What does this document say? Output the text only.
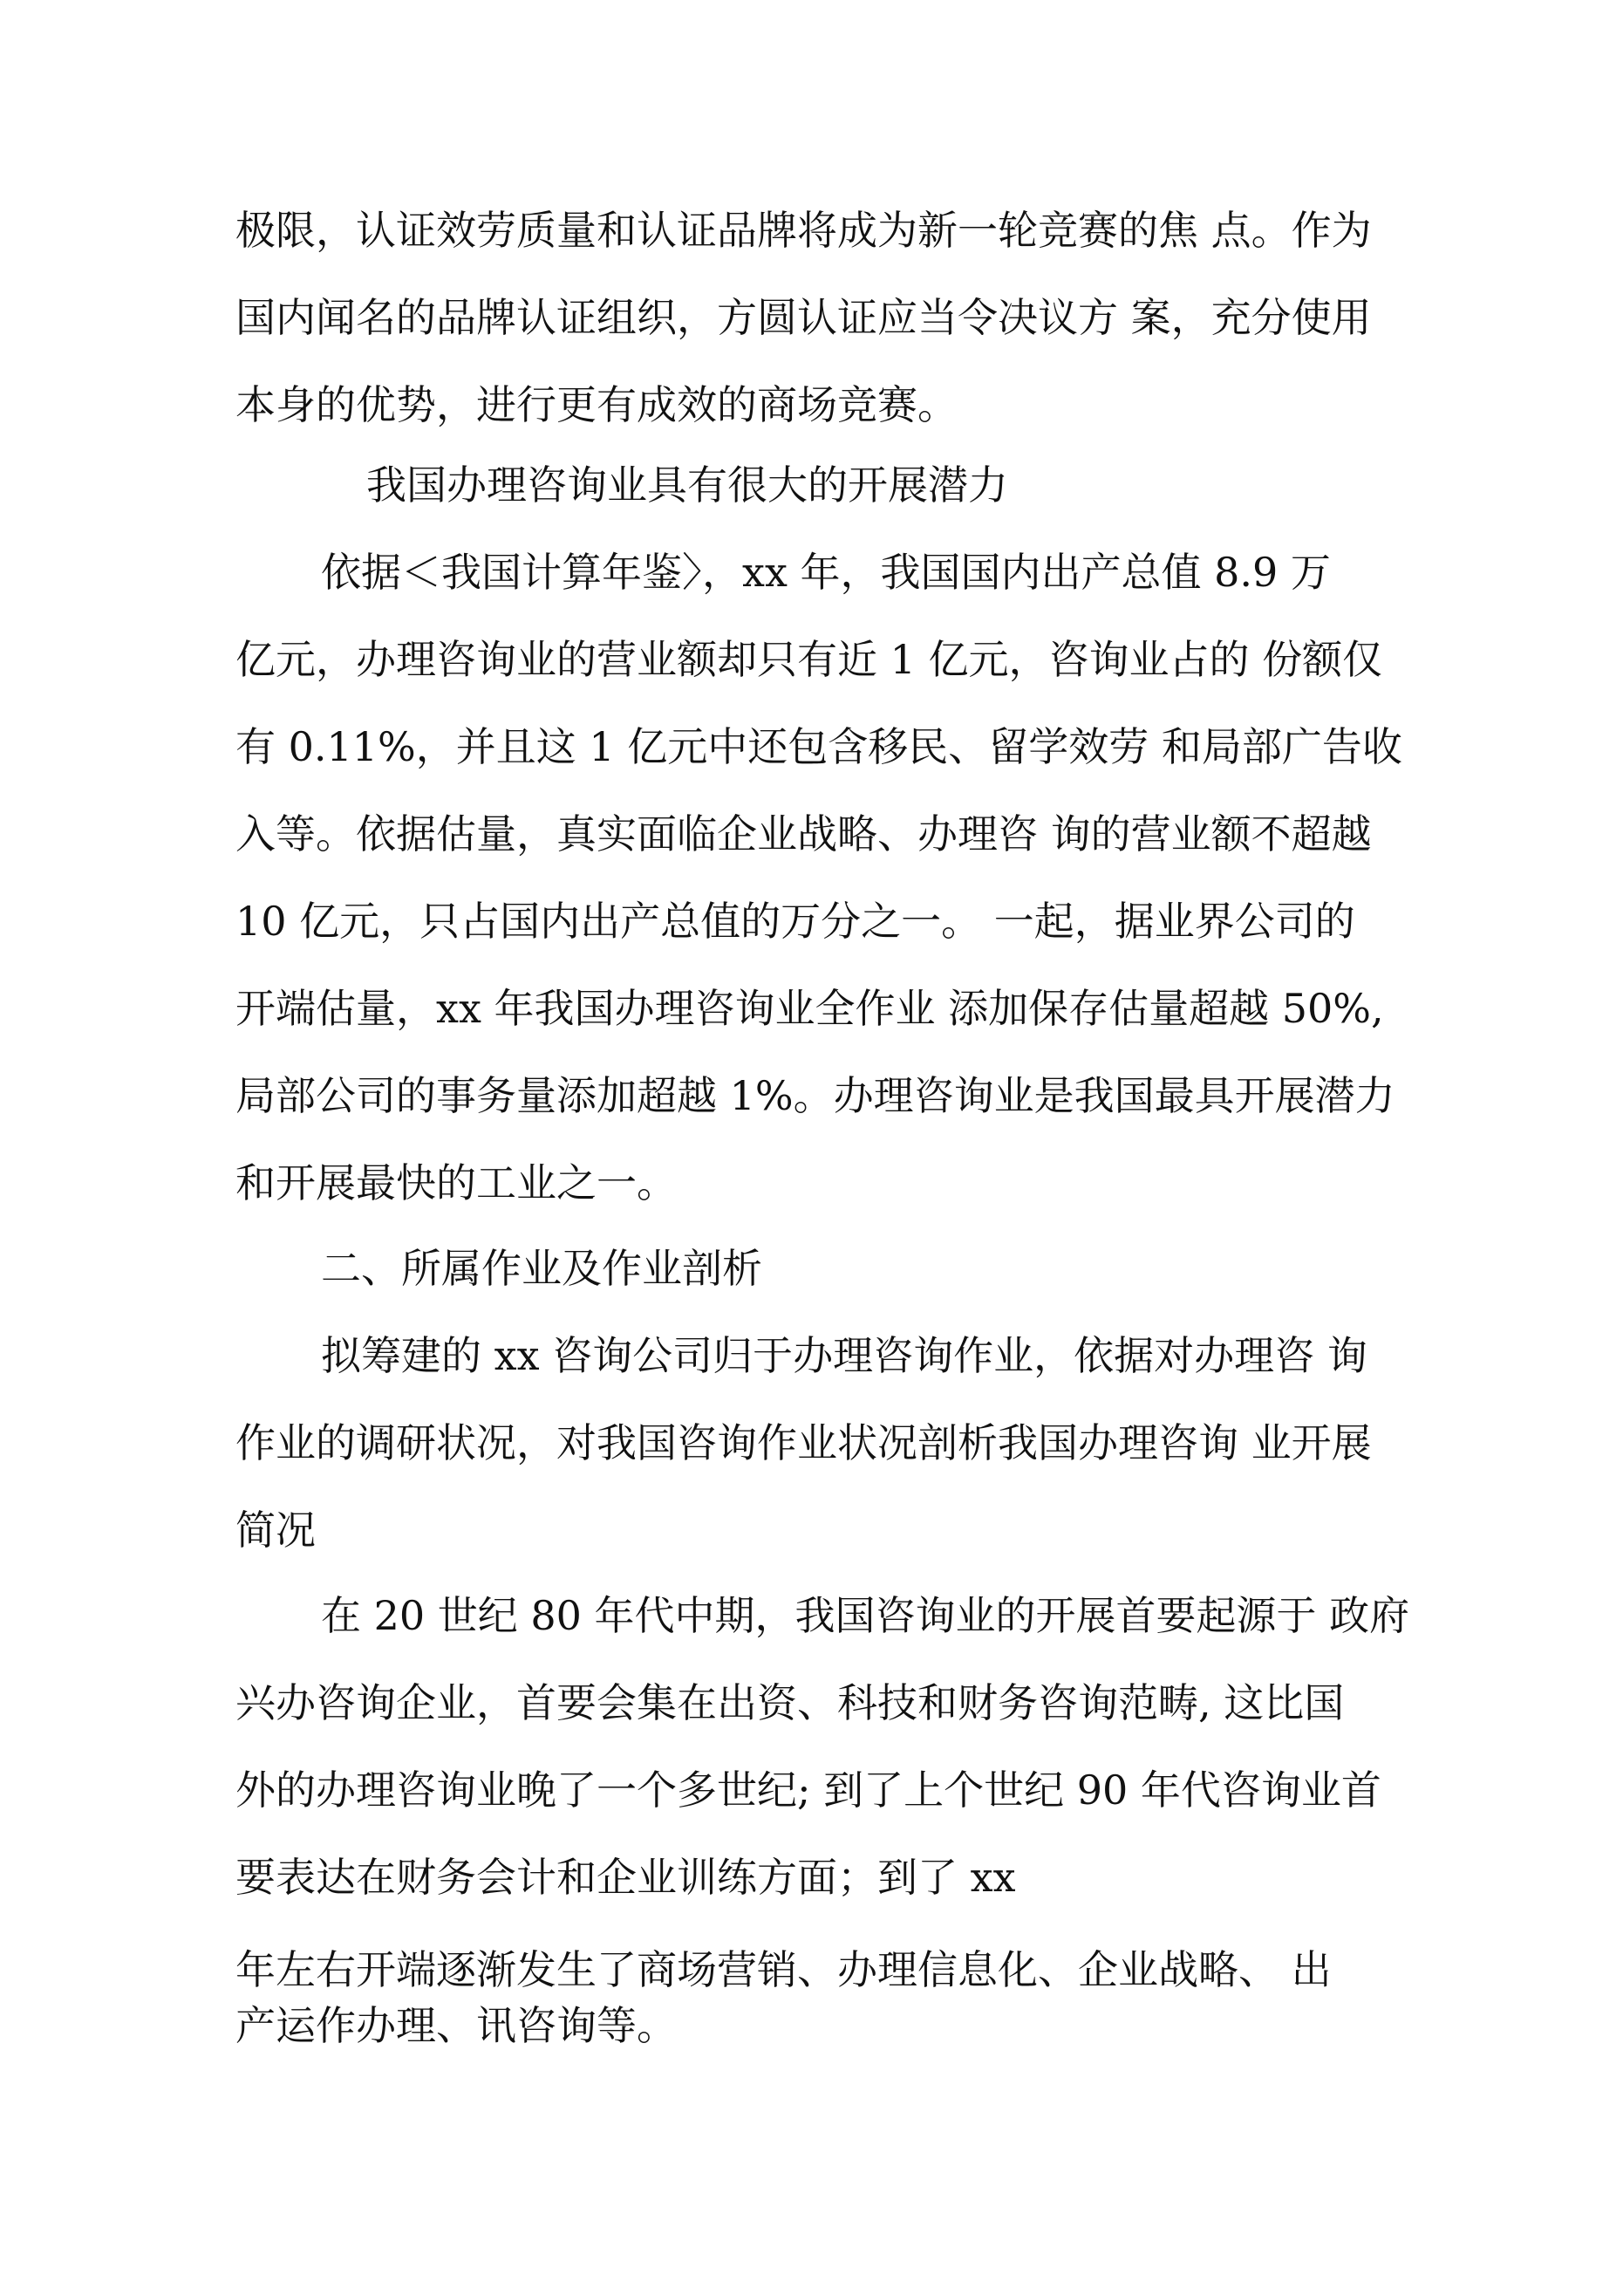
极限，认证效劳质量和认证品牌将成为新一轮竞赛的焦 点。作为
国内闻名的品牌认证组织，方圆认证应当令决议方 案，充分使用
本身的优势，进行更有成效的商场竞赛。
我国办理咨询业具有很大的开展潜力
依据＜我国计算年鉴〉，xx 年，我国国内出产总值 8.9 万
亿元，办理咨询业的营业额却只有近 1 亿元，咨询业占的 份额仅
有 0.11%，并且这 1 亿元中还包含移民、留学效劳 和局部广告收
入等。依据估量，真实面临企业战略、办理咨 询的营业额不超越
10 亿元，只占国内出产总值的万分之一。 一起，据业界公司的
开端估量，xx 年我国办理咨询业全作业 添加保存估量超越 50%,
局部公司的事务量添加超越 1%。办理咨询业是我国最具开展潜力
和开展最快的工业之一。
二、所属作业及作业剖析
拟筹建的 xx 咨询公司归于办理咨询作业，依据对办理咨 询
作业的调研状况，对我国咨询作业状况剖析我国办理咨询 业开展
简况
在 20 世纪 80 年代中期，我国咨询业的开展首要起源于 政府
兴办咨询企业，首要会集在出资、科技和财务咨询范畴, 这比国
外的办理咨询业晚了一个多世纪; 到了上个世纪 90 年代咨询业首
要表达在财务会计和企业训练方面；到了 xx
年左右开端逐渐发生了商场营销、办理信息化、企业战略、 出
产运作办理、讯咨询等。
